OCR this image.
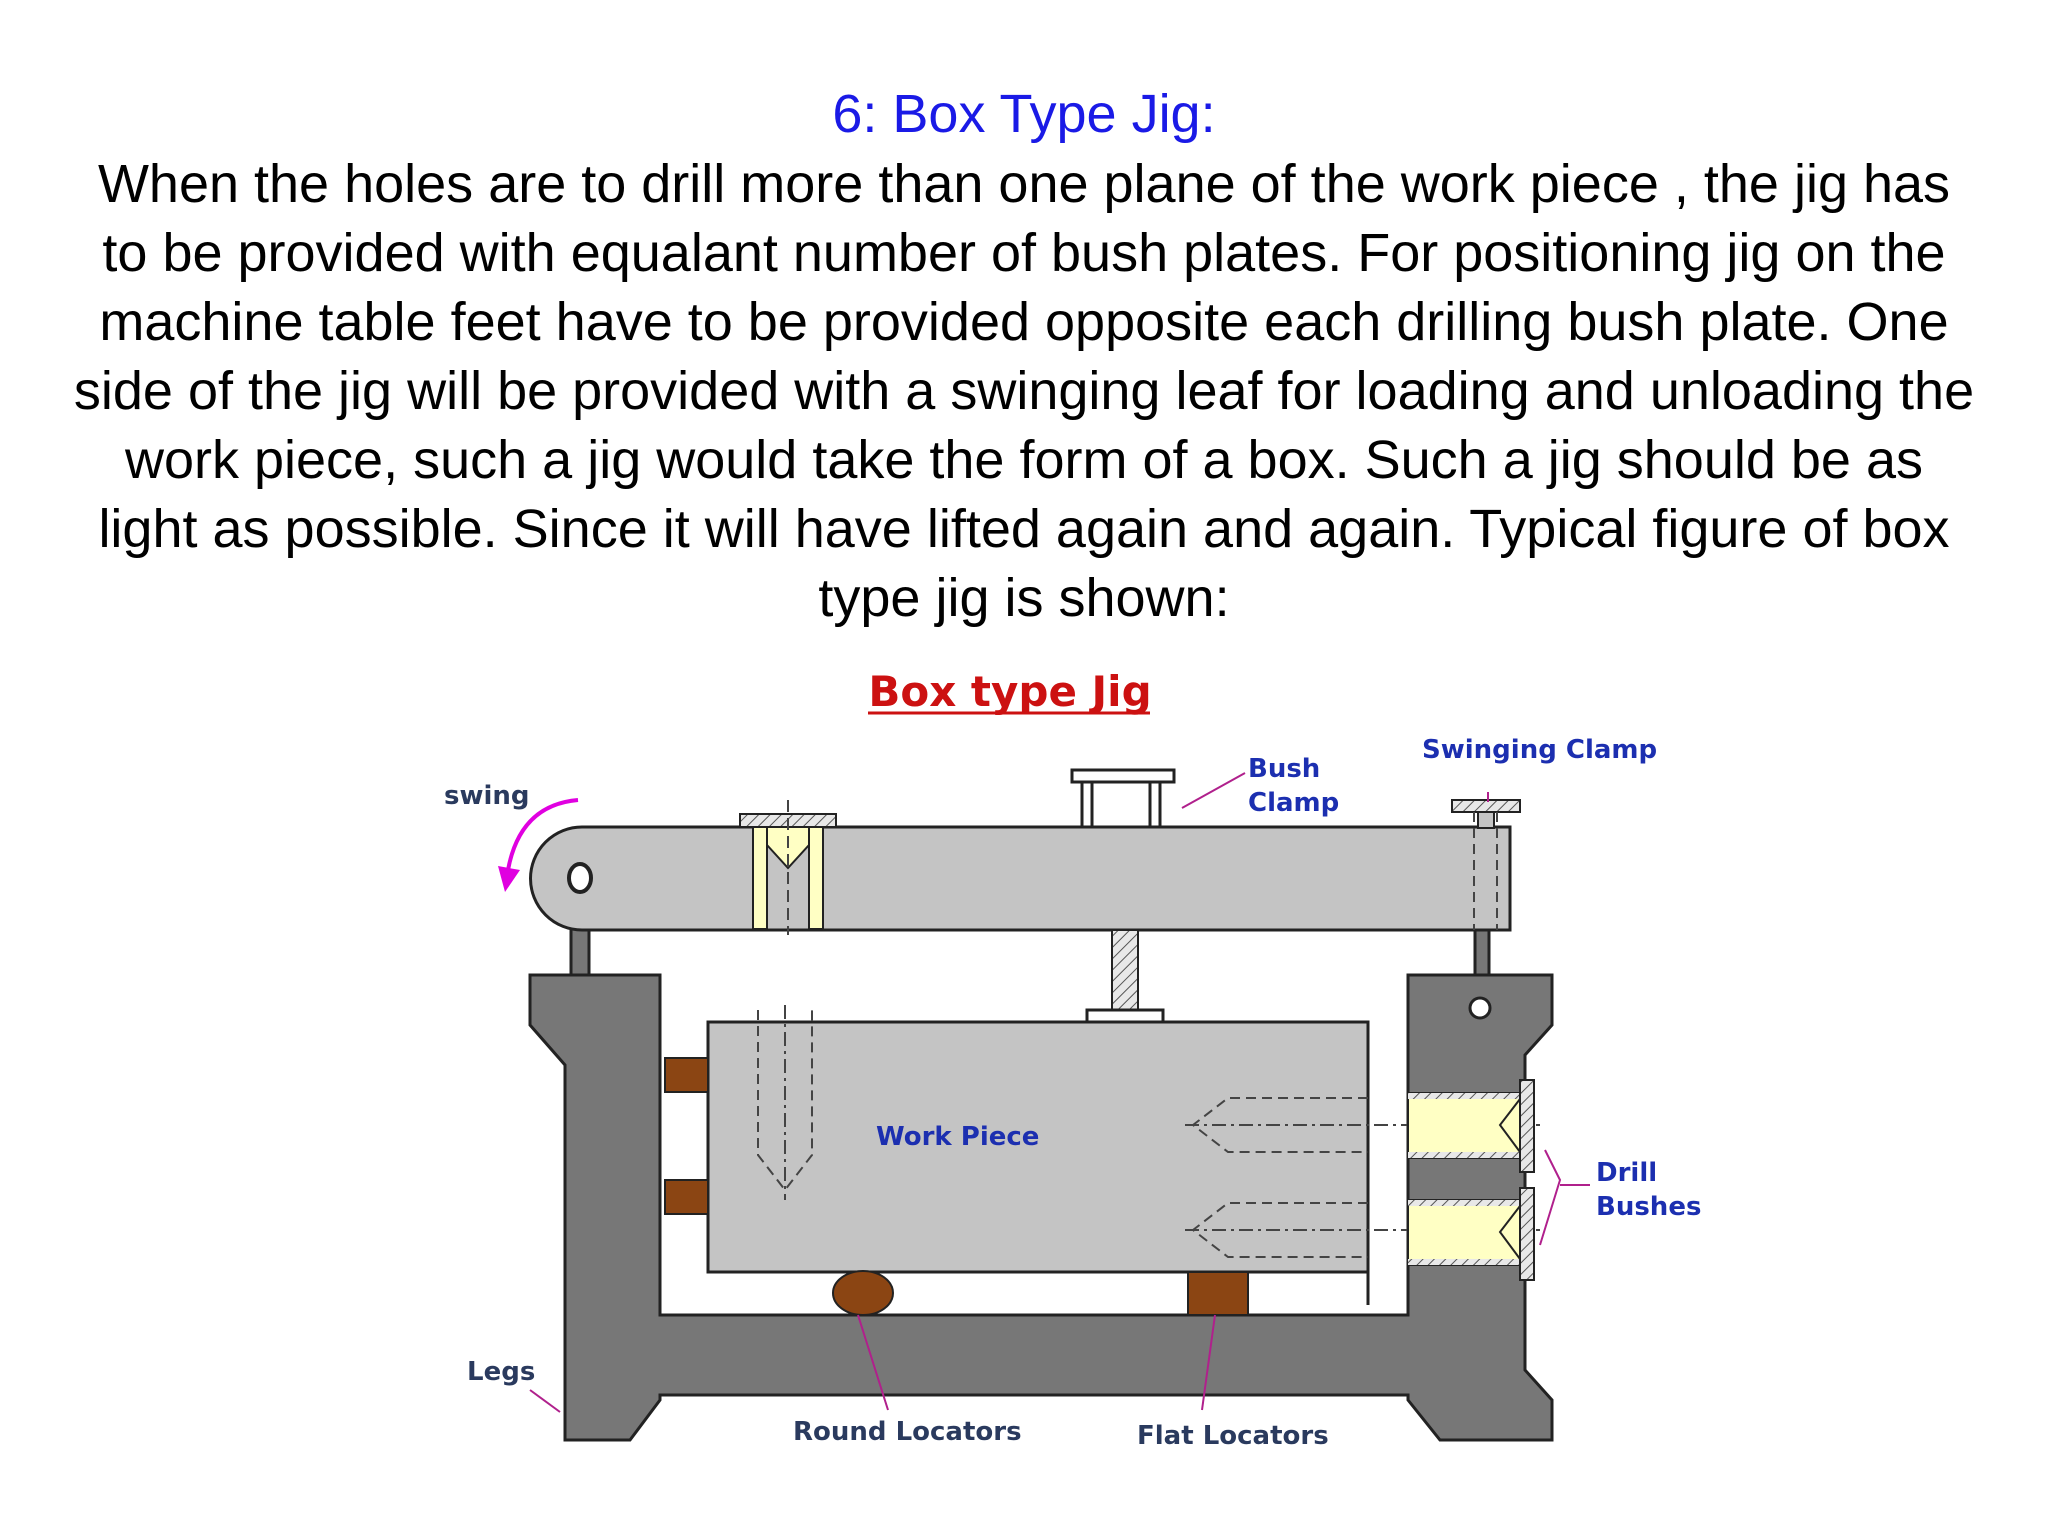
6: Box Type Jig:

When the holes are to drill more than one plane of the work piece , the jig has to be provided with equalant number of bush plates. For positioning jig on the machine table feet have to be provided opposite each drilling bush plate. One side of the jig will be provided with a swinging leaf for loading and unloading the work piece, such a jig would take the form of a box. Such a jig should be as light as possible. Since it will have lifted again and again. Typical figure of box type jig is shown:

Box type Jig
swing
Bush
Clamp
Swinging Clamp
Work Piece
Drill
Bushes
Legs
Round Locators	Flat Locators
